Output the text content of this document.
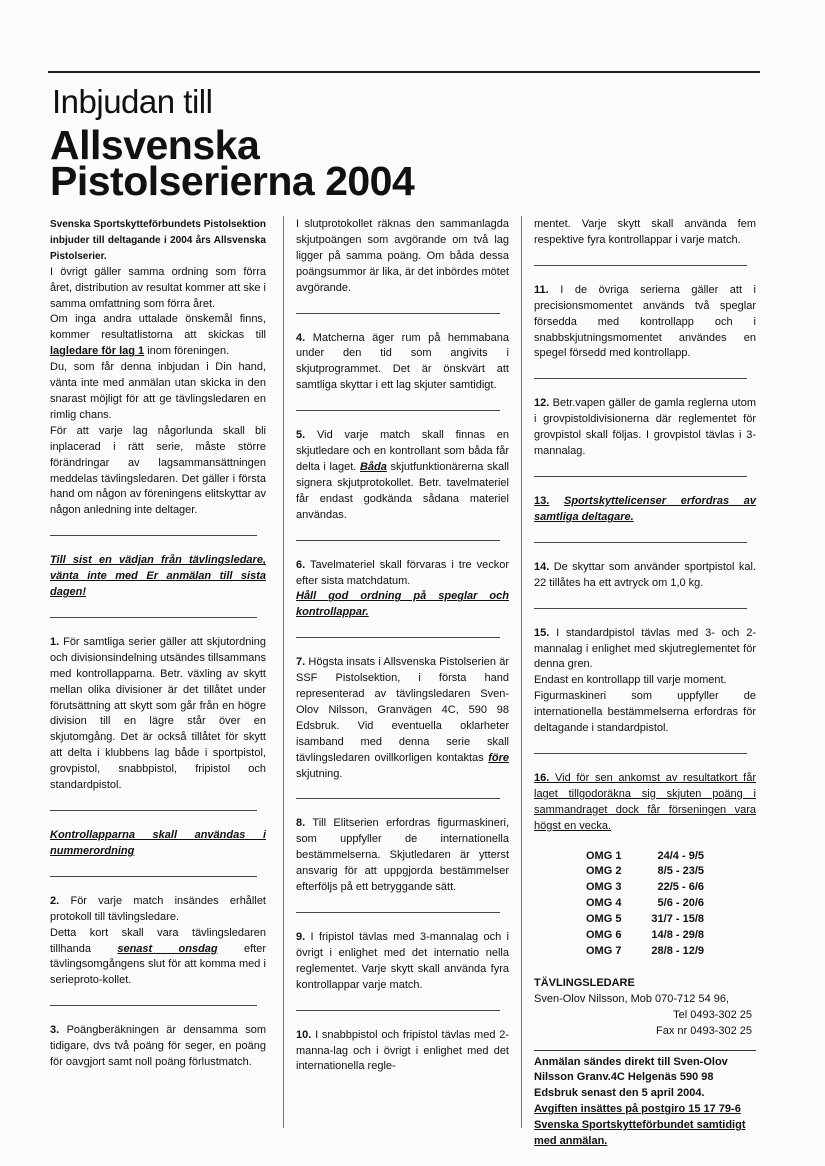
Inbjudan till
Allsvenska
Pistolserierna 2004

Svenska Sportskytteförbundets Pistolsektion inbjuder till deltagande i 2004 års Allsvenska Pistolserier.

I övrigt gäller samma ordning som förra året, distribution av resultat kommer att ske i samma omfattning som förra året.

Om inga andra uttalade önskemål finns, kommer resultatlistorna att skickas till lagledare för lag 1 inom föreningen.

Du, som får denna inbjudan i Din hand, vänta inte med anmälan utan skicka in den snarast möjligt för att ge tävlingsledaren en rimlig chans.

För att varje lag någorlunda skall bli inplacerad i rätt serie, måste större förändringar av lagsammansättningen meddelas tävlingsledaren. Det gäller i första hand om någon av föreningens elitskyttar av någon anledning inte deltager.

Till sist en vädjan från tävlingsledare, vänta inte med Er anmälan till sista dagen!

1. För samtliga serier gäller att skjutordning och divisionsindelning utsändes tillsammans med kontrollapparna. Betr. växling av skytt mellan olika divisioner är det tillåtet under förutsättning att skytt som går från en högre division till en lägre står över en skjutomgång. Det är också tillåtet för skytt att delta i klubbens lag både i sportpistol, grovpistol, snabbpistol, fripistol och standardpistol.

Kontrollapparna skall användas i nummerordning

2. För varje match insändes erhållet protokoll till tävlingsledare.

Detta kort skall vara tävlingsledaren tillhanda senast onsdag efter tävlingsomgångens slut för att komma med i serieproto-kollet.

3. Poängberäkningen är densamma som tidigare, dvs två poäng för seger, en poäng för oavgjort samt noll poäng förlustmatch.

I slutprotokollet räknas den sammanlagda skjutpoängen som avgörande om två lag ligger på samma poäng. Om båda dessa poängsummor är lika, är det inbördes mötet avgörande.

4. Matcherna äger rum på hemmabana under den tid som angivits i skjutprogrammet. Det är önskvärt att samtliga skyttar i ett lag skjuter samtidigt.

5. Vid varje match skall finnas en skjutledare och en kontrollant som båda får delta i laget. Båda skjutfunktionärerna skall signera skjutprotokollet. Betr. tavelmateriel får endast godkända sådana materiel användas.

6. Tavelmateriel skall förvaras i tre veckor efter sista matchdatum.

Håll god ordning på speglar och kontrollappar.

7. Högsta insats i Allsvenska Pistolserien är SSF Pistolsektion, i första hand representerad av tävlingsledaren Sven-Olov Nilsson, Granvägen 4C, 590 98 Edsbruk. Vid eventuella oklarheter isamband med denna serie skall tävlingsledaren ovillkorligen kontaktas före skjutning.

8. Till Elitserien erfordras figurmaskineri, som uppfyller de internationella bestämmelserna. Skjutledaren är ytterst ansvarig för att uppgjorda bestämmelser efterföljs på ett betryggande sätt.

9. I fripistol tävlas med 3-mannalag och i övrigt i enlighet med det internatio nella reglementet. Varje skytt skall använda fyra kontrollappar varje match.

10. I snabbpistol och fripistol tävlas med 2-manna-lag och i övrigt i enlighet med det internationella regle-

mentet. Varje skytt skall använda fem respektive fyra kontrollappar i varje match.

11. I de övriga serierna gäller att i precisionsmomentet används två speglar försedda med kontrollapp och i snabbskjutningsmomentet användes en spegel försedd med kontrollapp.

12. Betr.vapen gäller de gamla reglerna utom i grovpistoldivisionerna där reglementet för grovpistol skall följas. I grovpistol tävlas i 3-mannalag.

13. Sportskyttelicenser erfordras av samtliga deltagare.

14. De skyttar som använder sportpistol kal. 22 tillåtes ha ett avtryck om 1,0 kg.

15. I standardpistol tävlas med 3- och 2-mannalag i enlighet med skjutreglementet för denna gren.

Endast en kontrollapp till varje moment.

Figurmaskineri som uppfyller de internationella bestämmelserna erfordras för deltagande i standardpistol.

16. Vid för sen ankomst av resultatkort får laget tillgodoräkna sig skjuten poäng i sammandraget dock får förseningen vara högst en vecka.

OMG 1	24/4 - 9/5
OMG 2	8/5 - 23/5
OMG 3	22/5 - 6/6
OMG 4	5/6 - 20/6
OMG 5	31/7 - 15/8
OMG 6	14/8 - 29/8
OMG 7	28/8 - 12/9

TÄVLINGSLEDARE

Sven-Olov Nilsson, Mob 070-712 54 96,

Tel 0493-302 25

Fax nr 0493-302 25

Anmälan sändes direkt till Sven-Olov Nilsson Granv.4C Helgenäs 590 98 Edsbruk senast den 5 april 2004.

Avgiften insättes på postgiro 15 17 79-6 Svenska Sportskytteförbundet samtidigt med anmälan.
